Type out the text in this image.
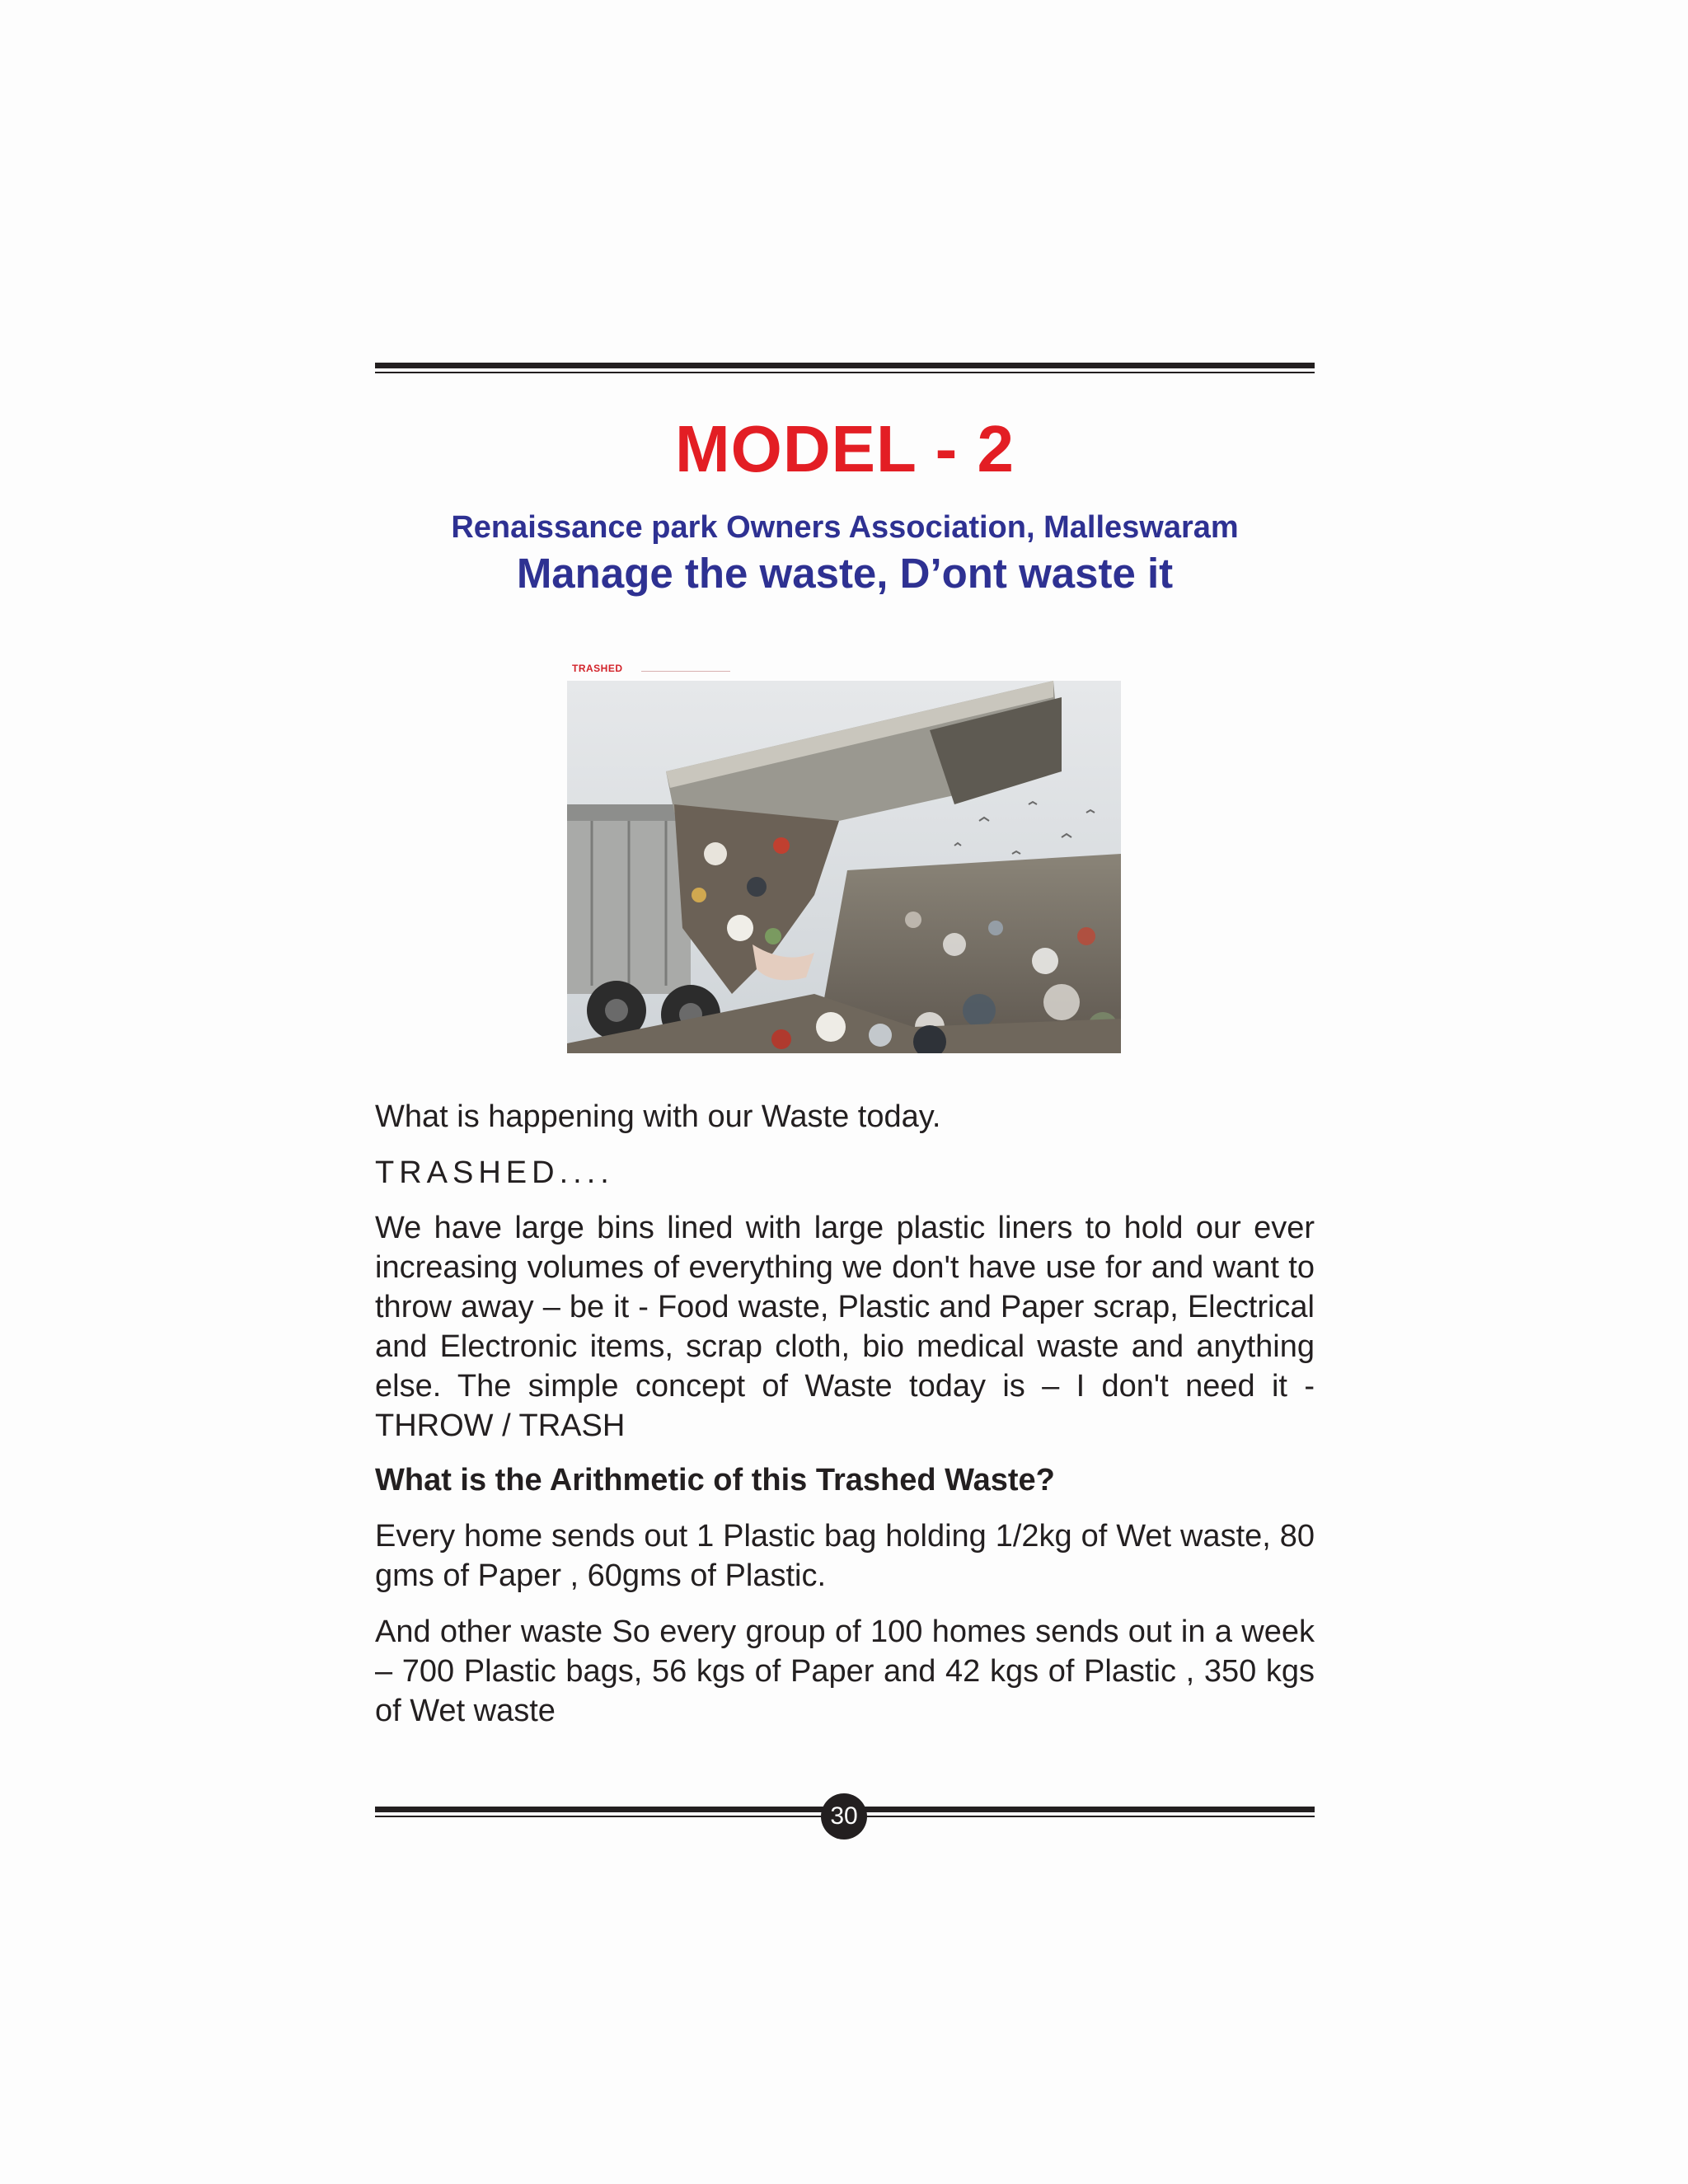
MODEL - 2
Renaissance park Owners Association, Malleswaram
Manage the waste, D’ont waste it
TRASHED
What is happening with our Waste today.
TRASHED....
We have large bins lined with large plastic liners to hold our ever increasing volumes of everything we don't have use for and want to throw away – be it - Food waste, Plastic and Paper scrap, Electrical and Electronic items, scrap cloth, bio medical waste and anything else. The simple concept of Waste today is – I don't need it - THROW / TRASH
What is the Arithmetic of this Trashed Waste?
Every home sends out 1 Plastic bag holding 1/2kg of Wet waste, 80 gms of Paper , 60gms of Plastic.
And other waste So every group of 100 homes sends out in a week – 700 Plastic bags, 56 kgs of Paper and 42 kgs of Plastic , 350 kgs of Wet waste
30
